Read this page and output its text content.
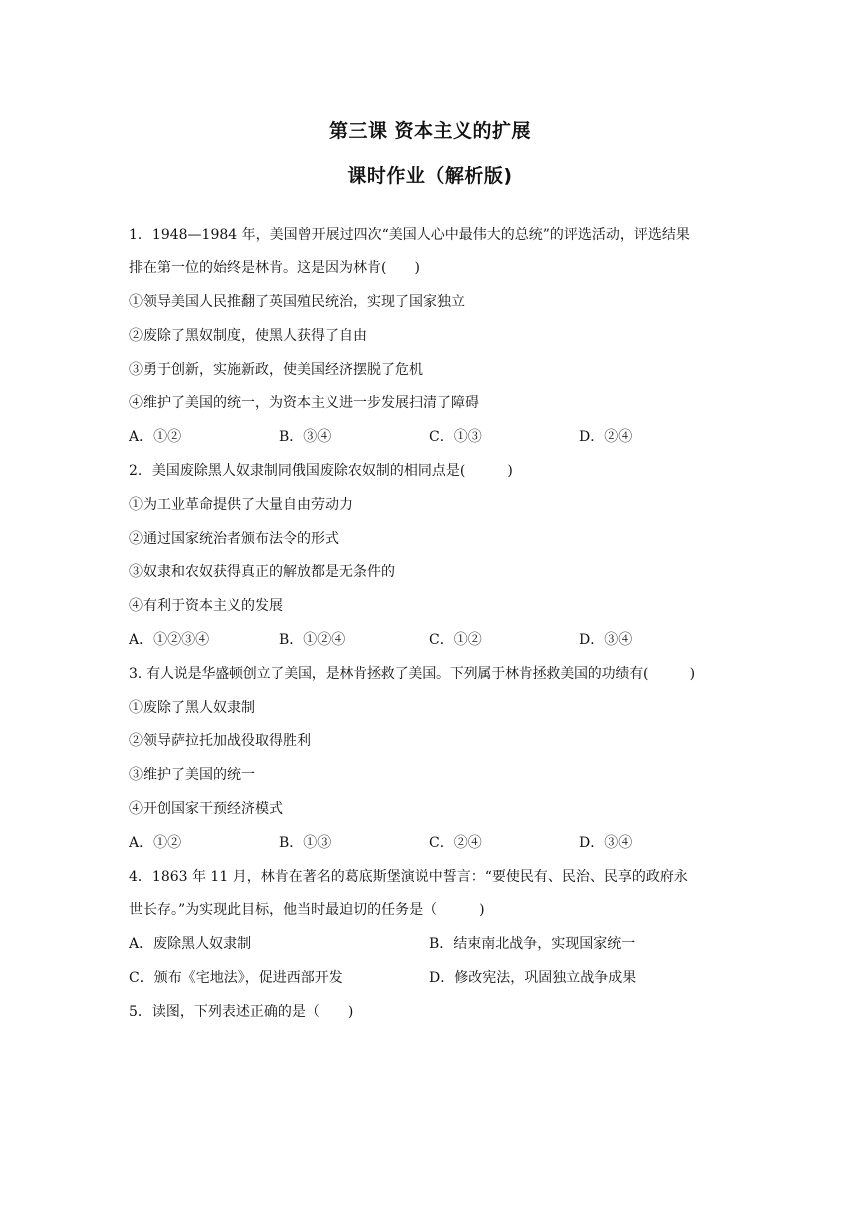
第三课 资本主义的扩展
课时作业（解析版)
1．1948—1984 年，美国曾开展过四次“美国人心中最伟大的总统”的评选活动，评选结果
排在第一位的始终是林肯。这是因为林肯(　　)
①领导美国人民推翻了英国殖民统治，实现了国家独立
②废除了黑奴制度，使黑人获得了自由
③勇于创新，实施新政，使美国经济摆脱了危机
④维护了美国的统一，为资本主义进一步发展扫清了障碍
A．①②	B．③④	C．①③	D．②④
2．美国废除黑人奴隶制同俄国废除农奴制的相同点是(　　　)
①为工业革命提供了大量自由劳动力
②通过国家统治者颁布法令的形式
③奴隶和农奴获得真正的解放都是无条件的
④有利于资本主义的发展
A．①②③④	B．①②④	C．①②	D．③④
3. 有人说是华盛顿创立了美国，是林肯拯救了美国。下列属于林肯拯救美国的功绩有(　　　)
①废除了黑人奴隶制
②领导萨拉托加战役取得胜利
③维护了美国的统一
④开创国家干预经济模式
A．①②	B．①③	C．②④	D．③④
4．1863 年 11 月，林肯在著名的葛底斯堡演说中誓言：“要使民有、民治、民享的政府永
世长存。”为实现此目标，他当时最迫切的任务是（　　　)
A．废除黑人奴隶制	B．结束南北战争，实现国家统一
C．颁布《宅地法》，促进西部开发	D．修改宪法，巩固独立战争成果
5．读图，下列表述正确的是（　　)
